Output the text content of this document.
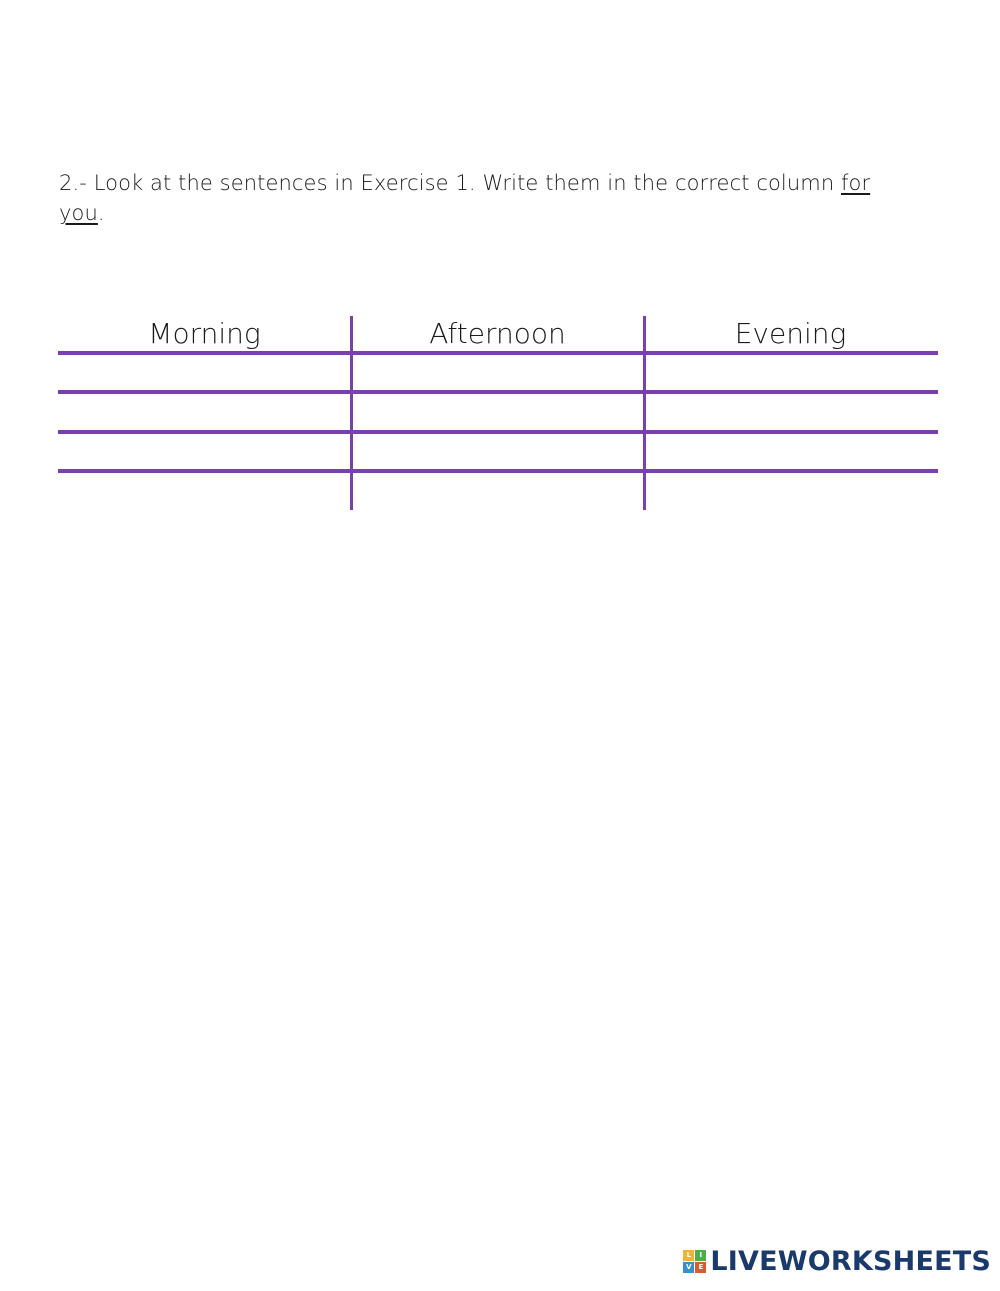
2.- Look at the sentences in Exercise 1. Write them in the correct column for you.
Morning	Afternoon	Evening
L	I
V E LIVEWORKSHEETS
